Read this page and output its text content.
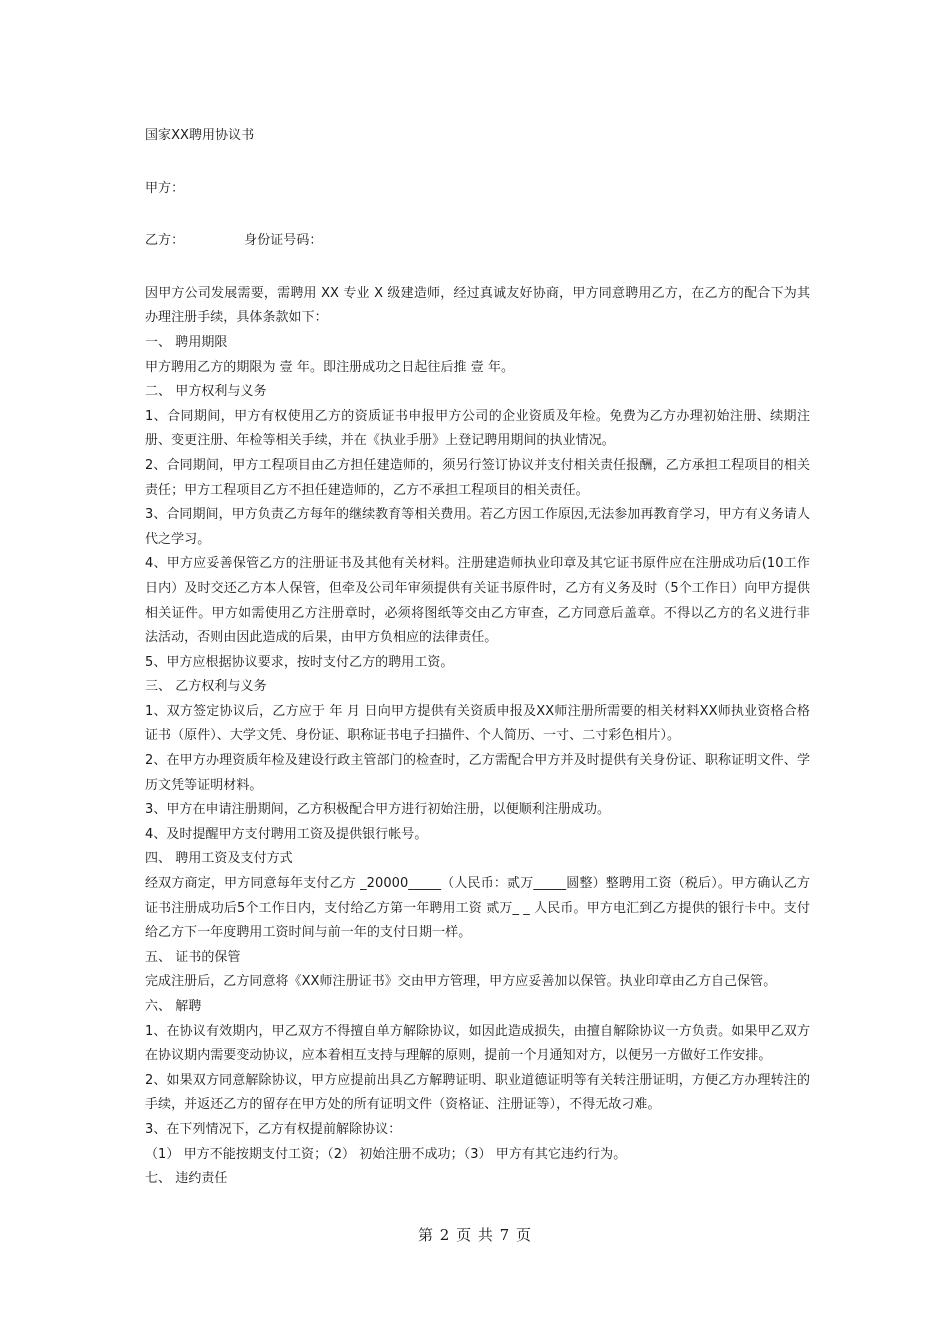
国家XX聘用协议书

甲方：

乙方：	身份证号码：

因甲方公司发展需要，需聘用 XX 专业 X 级建造师，经过真诚友好协商，甲方同意聘用乙方，在乙方的配合下为其办理注册手续，具体条款如下：

一、 聘用期限

甲方聘用乙方的期限为 壹 年。即注册成功之日起往后推 壹 年。

二、 甲方权利与义务

1、合同期间，甲方有权使用乙方的资质证书申报甲方公司的企业资质及年检。免费为乙方办理初始注册、续期注册、变更注册、年检等相关手续，并在《执业手册》上登记聘用期间的执业情况。

2、合同期间，甲方工程项目由乙方担任建造师的，须另行签订协议并支付相关责任报酬，乙方承担工程项目的相关责任；甲方工程项目乙方不担任建造师的，乙方不承担工程项目的相关责任。

3、合同期间，甲方负责乙方每年的继续教育等相关费用。若乙方因工作原因,无法参加再教育学习，甲方有义务请人代之学习。

4、甲方应妥善保管乙方的注册证书及其他有关材料。注册建造师执业印章及其它证书原件应在注册成功后(10工作日内）及时交还乙方本人保管，但牵及公司年审须提供有关证书原件时，乙方有义务及时（5个工作日）向甲方提供相关证件。甲方如需使用乙方注册章时，必须将图纸等交由乙方审查，乙方同意后盖章。不得以乙方的名义进行非法活动，否则由因此造成的后果，由甲方负相应的法律责任。

5、甲方应根据协议要求，按时支付乙方的聘用工资。

三、 乙方权利与义务

1、双方签定协议后，乙方应于 年 月 日向甲方提供有关资质申报及XX师注册所需要的相关材料XX师执业资格合格证书（原件）、大学文凭、身份证、职称证书电子扫描件、个人简历、一寸、二寸彩色相片）。

2、在甲方办理资质年检及建设行政主管部门的检查时，乙方需配合甲方并及时提供有关身份证、职称证明文件、学历文凭等证明材料。

3、甲方在申请注册期间，乙方积极配合甲方进行初始注册，以便顺利注册成功。

4、及时提醒甲方支付聘用工资及提供银行帐号。

四、 聘用工资及支付方式

经双方商定，甲方同意每年支付乙方 _20000_____（人民币：贰万_____圆整）整聘用工资（税后）。甲方确认乙方证书注册成功后5个工作日内，支付给乙方第一年聘用工资 贰万_ _ 人民币。甲方电汇到乙方提供的银行卡中。支付给乙方下一年度聘用工资时间与前一年的支付日期一样。

五、 证书的保管

完成注册后，乙方同意将《XX师注册证书》交由甲方管理，甲方应妥善加以保管。执业印章由乙方自己保管。

六、 解聘

1、在协议有效期内，甲乙双方不得擅自单方解除协议，如因此造成损失，由擅自解除协议一方负责。如果甲乙双方在协议期内需要变动协议，应本着相互支持与理解的原则，提前一个月通知对方，以便另一方做好工作安排。

2、如果双方同意解除协议，甲方应提前出具乙方解聘证明、职业道德证明等有关转注册证明，方便乙方办理转注的手续，并返还乙方的留存在甲方处的所有证明文件（资格证、注册证等），不得无故刁难。

3、在下列情况下，乙方有权提前解除协议：

（1） 甲方不能按期支付工资；（2） 初始注册不成功；（3） 甲方有其它违约行为。

七、 违约责任

第 2 页 共 7 页
